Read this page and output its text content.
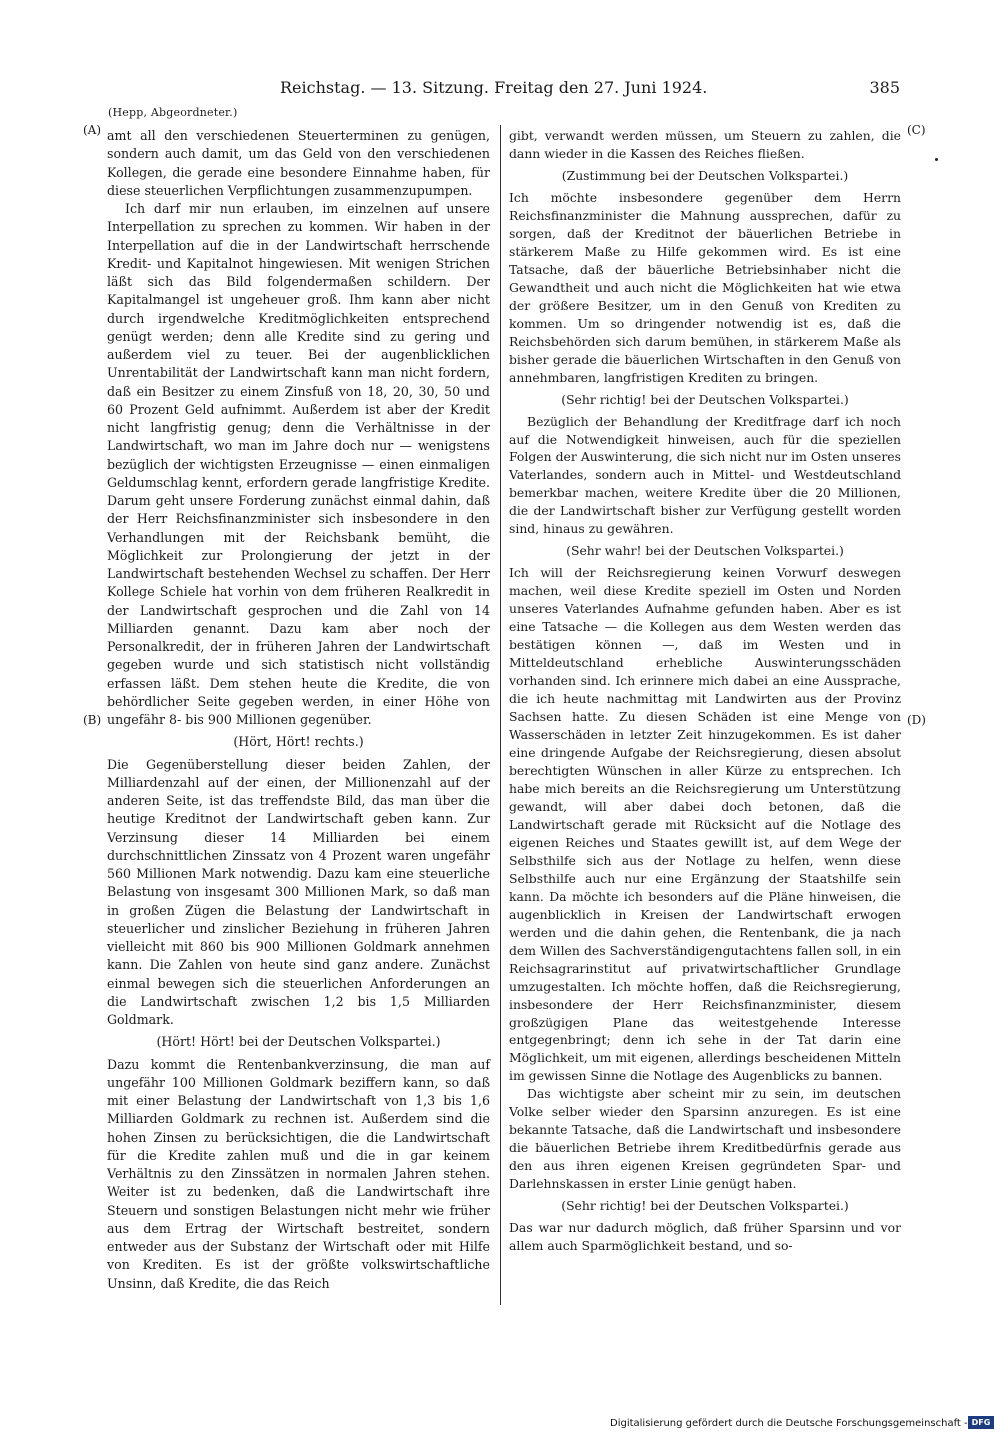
Reichstag. — 13. Sitzung. Freitag den 27. Juni 1924.	385
(Hepp, Abgeordneter.)
(A)
(B)
(C)
(D)

amt all den verschiedenen Steuerterminen zu genügen, sondern auch damit, um das Geld von den verschiedenen Kollegen, die gerade eine besondere Einnahme haben, für diese steuerlichen Verpflichtungen zusammenzupumpen.

Ich darf mir nun erlauben, im einzelnen auf unsere Interpellation zu sprechen zu kommen. Wir haben in der Interpellation auf die in der Landwirtschaft herrschende Kredit- und Kapitalnot hingewiesen. Mit wenigen Strichen läßt sich das Bild folgendermaßen schildern. Der Kapitalmangel ist ungeheuer groß. Ihm kann aber nicht durch irgendwelche Kreditmöglichkeiten entsprechend genügt werden; denn alle Kredite sind zu gering und außerdem viel zu teuer. Bei der augenblicklichen Unrentabilität der Landwirtschaft kann man nicht fordern, daß ein Besitzer zu einem Zinsfuß von 18, 20, 30, 50 und 60 Prozent Geld aufnimmt. Außerdem ist aber der Kredit nicht langfristig genug; denn die Verhältnisse in der Landwirtschaft, wo man im Jahre doch nur — wenigstens bezüglich der wichtigsten Erzeugnisse — einen einmaligen Geldumschlag kennt, erfordern gerade langfristige Kredite. Darum geht unsere Forderung zunächst einmal dahin, daß der Herr Reichsfinanzminister sich insbesondere in den Verhandlungen mit der Reichsbank bemüht, die Möglichkeit zur Prolongierung der jetzt in der Landwirtschaft bestehenden Wechsel zu schaffen. Der Herr Kollege Schiele hat vorhin von dem früheren Realkredit in der Landwirtschaft gesprochen und die Zahl von 14 Milliarden genannt. Dazu kam aber noch der Personalkredit, der in früheren Jahren der Landwirtschaft gegeben wurde und sich statistisch nicht vollständig erfassen läßt. Dem stehen heute die Kredite, die von behördlicher Seite gegeben werden, in einer Höhe von ungefähr 8- bis 900 Millionen gegenüber.

(Hört, Hört! rechts.)

Die Gegenüberstellung dieser beiden Zahlen, der Milliardenzahl auf der einen, der Millionenzahl auf der anderen Seite, ist das treffendste Bild, das man über die heutige Kreditnot der Landwirtschaft geben kann. Zur Verzinsung dieser 14 Milliarden bei einem durchschnittlichen Zinssatz von 4 Prozent waren ungefähr 560 Millionen Mark notwendig. Dazu kam eine steuerliche Belastung von insgesamt 300 Millionen Mark, so daß man in großen Zügen die Belastung der Landwirtschaft in steuerlicher und zinslicher Beziehung in früheren Jahren vielleicht mit 860 bis 900 Millionen Goldmark annehmen kann. Die Zahlen von heute sind ganz andere. Zunächst einmal bewegen sich die steuerlichen Anforderungen an die Landwirtschaft zwischen 1,2 bis 1,5 Milliarden Goldmark.

(Hört! Hört! bei der Deutschen Volkspartei.)

Dazu kommt die Rentenbankverzinsung, die man auf ungefähr 100 Millionen Goldmark beziffern kann, so daß mit einer Belastung der Landwirtschaft von 1,3 bis 1,6 Milliarden Goldmark zu rechnen ist. Außerdem sind die hohen Zinsen zu berücksichtigen, die die Landwirtschaft für die Kredite zahlen muß und die in gar keinem Verhältnis zu den Zinssätzen in normalen Jahren stehen. Weiter ist zu bedenken, daß die Landwirtschaft ihre Steuern und sonstigen Belastungen nicht mehr wie früher aus dem Ertrag der Wirtschaft bestreitet, sondern entweder aus der Substanz der Wirtschaft oder mit Hilfe von Krediten. Es ist der größte volkswirtschaftliche Unsinn, daß Kredite, die das Reich

gibt, verwandt werden müssen, um Steuern zu zahlen, die dann wieder in die Kassen des Reiches fließen.

(Zustimmung bei der Deutschen Volkspartei.)

Ich möchte insbesondere gegenüber dem Herrn Reichsfinanzminister die Mahnung aussprechen, dafür zu sorgen, daß der Kreditnot der bäuerlichen Betriebe in stärkerem Maße zu Hilfe gekommen wird. Es ist eine Tatsache, daß der bäuerliche Betriebsinhaber nicht die Gewandtheit und auch nicht die Möglichkeiten hat wie etwa der größere Besitzer, um in den Genuß von Krediten zu kommen. Um so dringender notwendig ist es, daß die Reichsbehörden sich darum bemühen, in stärkerem Maße als bisher gerade die bäuerlichen Wirtschaften in den Genuß von annehmbaren, langfristigen Krediten zu bringen.

(Sehr richtig! bei der Deutschen Volkspartei.)

Bezüglich der Behandlung der Kreditfrage darf ich noch auf die Notwendigkeit hinweisen, auch für die speziellen Folgen der Auswinterung, die sich nicht nur im Osten unseres Vaterlandes, sondern auch in Mittel- und Westdeutschland bemerkbar machen, weitere Kredite über die 20 Millionen, die der Landwirtschaft bisher zur Verfügung gestellt worden sind, hinaus zu gewähren.

(Sehr wahr! bei der Deutschen Volkspartei.)

Ich will der Reichsregierung keinen Vorwurf deswegen machen, weil diese Kredite speziell im Osten und Norden unseres Vaterlandes Aufnahme gefunden haben. Aber es ist eine Tatsache — die Kollegen aus dem Westen werden das bestätigen können —, daß im Westen und in Mitteldeutschland erhebliche Auswinterungsschäden vorhanden sind. Ich erinnere mich dabei an eine Aussprache, die ich heute nachmittag mit Landwirten aus der Provinz Sachsen hatte. Zu diesen Schäden ist eine Menge von Wasserschäden in letzter Zeit hinzugekommen. Es ist daher eine dringende Aufgabe der Reichsregierung, diesen absolut berechtigten Wünschen in aller Kürze zu entsprechen. Ich habe mich bereits an die Reichsregierung um Unterstützung gewandt, will aber dabei doch betonen, daß die Landwirtschaft gerade mit Rücksicht auf die Notlage des eigenen Reiches und Staates gewillt ist, auf dem Wege der Selbsthilfe sich aus der Notlage zu helfen, wenn diese Selbsthilfe auch nur eine Ergänzung der Staatshilfe sein kann. Da möchte ich besonders auf die Pläne hinweisen, die augenblicklich in Kreisen der Landwirtschaft erwogen werden und die dahin gehen, die Rentenbank, die ja nach dem Willen des Sachverständigengutachtens fallen soll, in ein Reichsagrarinstitut auf privatwirtschaftlicher Grundlage umzugestalten. Ich möchte hoffen, daß die Reichsregierung, insbesondere der Herr Reichsfinanzminister, diesem großzügigen Plane das weitestgehende Interesse entgegenbringt; denn ich sehe in der Tat darin eine Möglichkeit, um mit eigenen, allerdings bescheidenen Mitteln im gewissen Sinne die Notlage des Augenblicks zu bannen.

Das wichtigste aber scheint mir zu sein, im deutschen Volke selber wieder den Sparsinn anzuregen. Es ist eine bekannte Tatsache, daß die Landwirtschaft und insbesondere die bäuerlichen Betriebe ihrem Kreditbedürfnis gerade aus den aus ihren eigenen Kreisen gegründeten Spar- und Darlehnskassen in erster Linie genügt haben.

(Sehr richtig! bei der Deutschen Volkspartei.)

Das war nur dadurch möglich, daß früher Sparsinn und vor allem auch Sparmöglichkeit bestand, und so-

Digitalisierung gefördert durch die Deutsche Forschungsgemeinschaft - DFG
